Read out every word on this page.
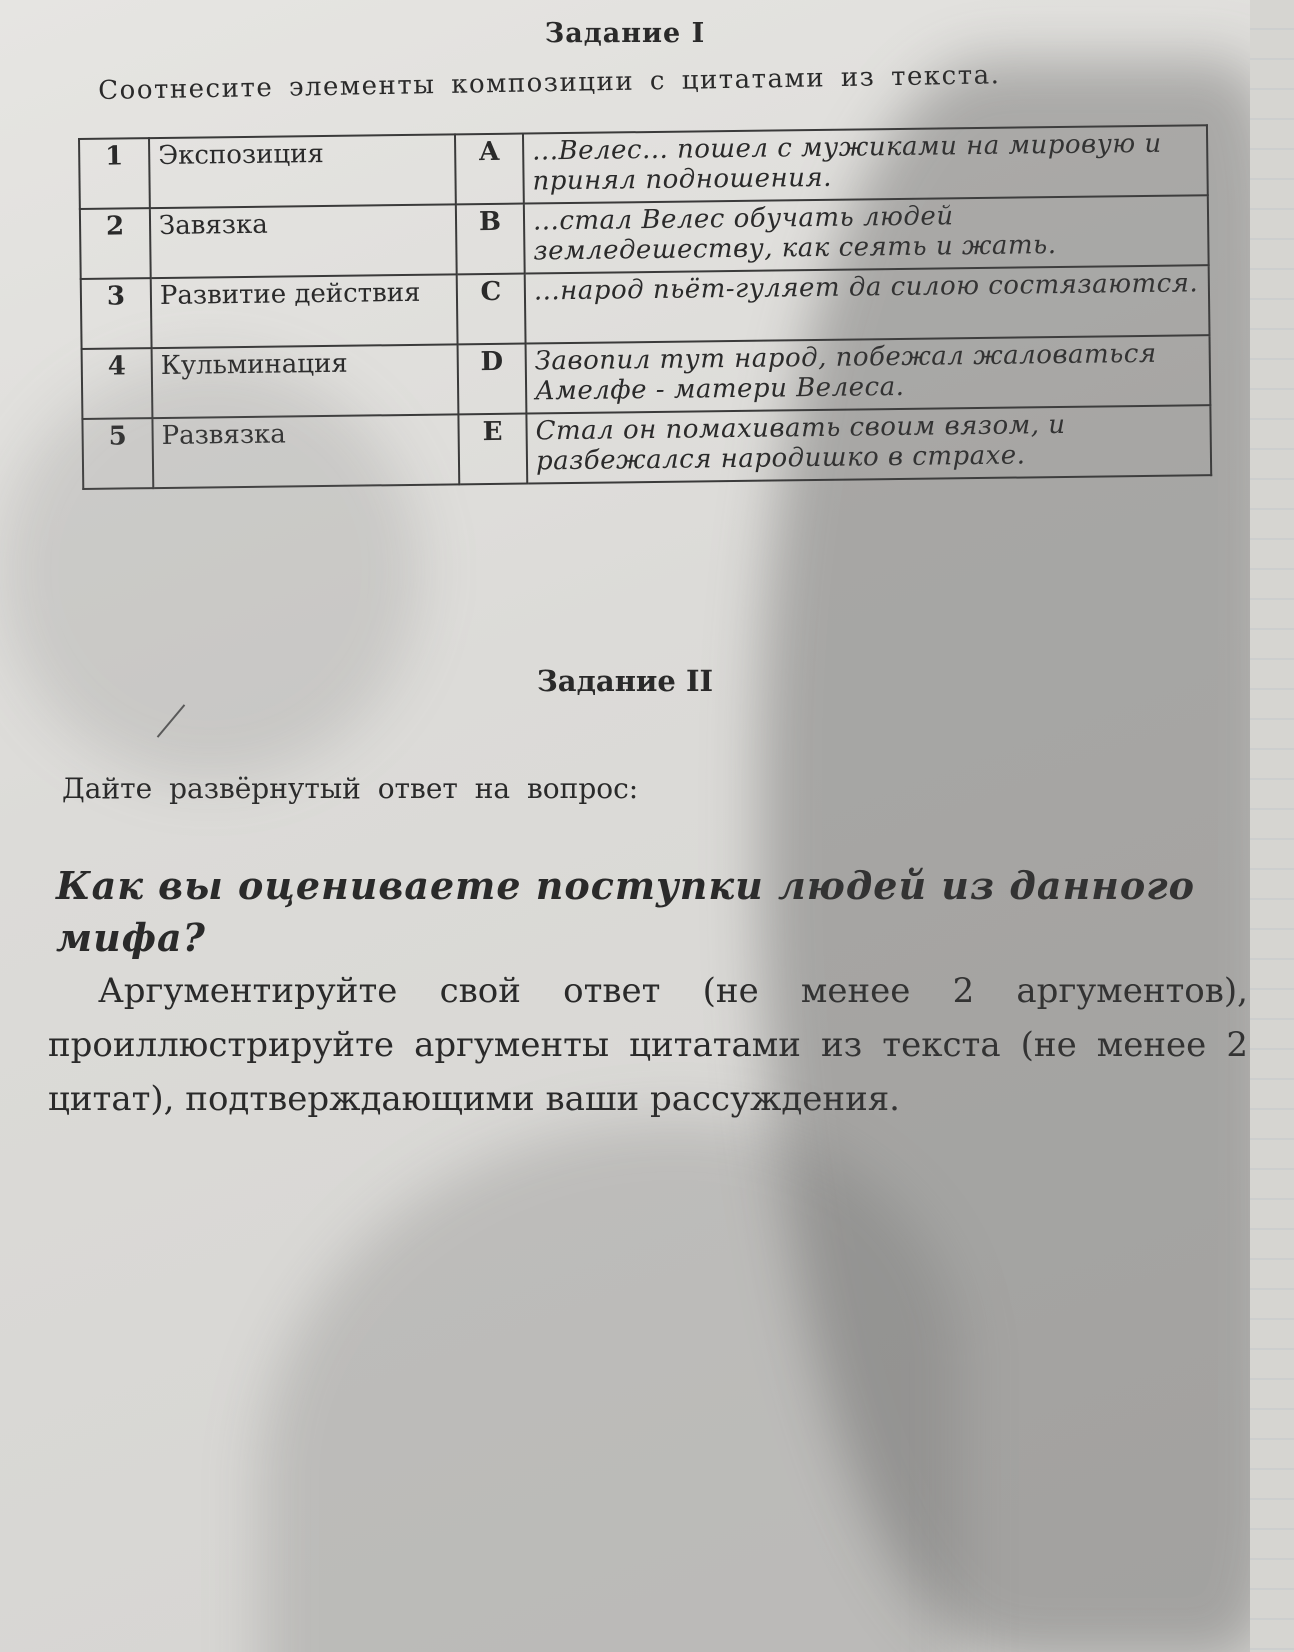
Задание I
Соотнесите элементы композиции с цитатами из текста.
1	Экспозиция	A	...Велес... пошел с мужиками на мировую и принял подношения.
2	Завязка	B	...стал Велес обучать людей земледешеству, как сеять и жать.
3	Развитие действия	C	...народ пьёт-гуляет да силою состязаются.
4	Кульминация	D	Завопил тут народ, побежал жаловаться Амелфе - матери Велеса.
5	Развязка	E	Стал он помахивать своим вязом, и разбежался народишко в страхе.
Задание II
Дайте развёрнутый ответ на вопрос:
Как вы оцениваете поступки людей из данного мифа?
Аргументируйте свой ответ (не менее 2 аргументов), проиллюстрируйте аргументы цитатами из текста (не менее 2 цитат), подтверждающими ваши рассуждения.
